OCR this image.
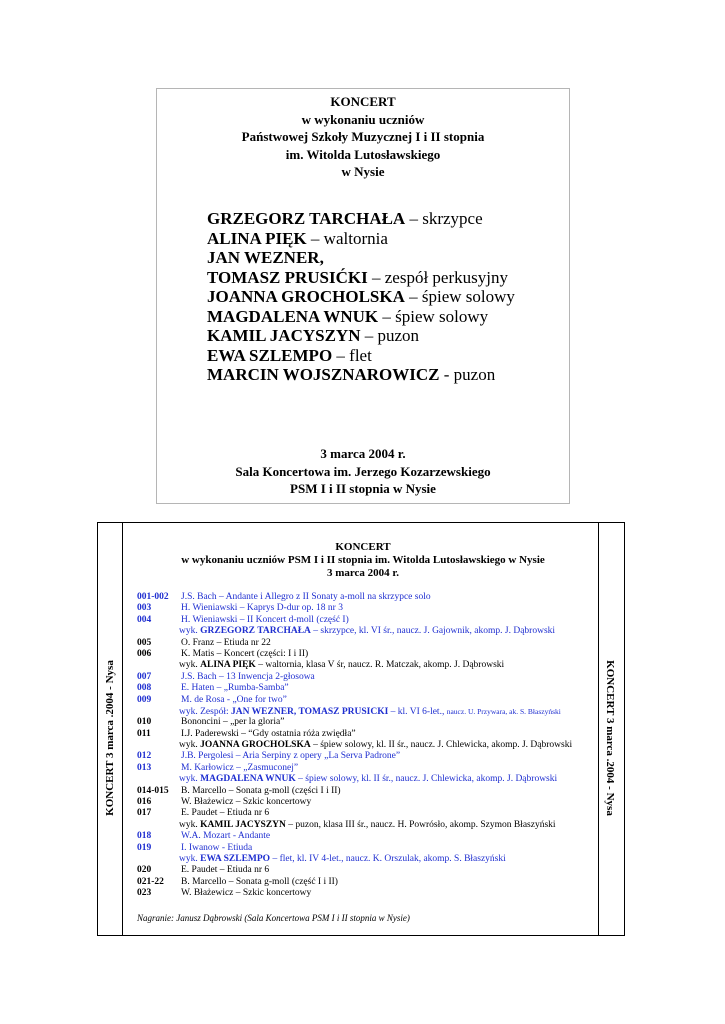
KONCERT
w wykonaniu uczniów
Państwowej Szkoły Muzycznej I i II stopnia
im. Witolda Lutosławskiego
w Nysie
GRZEGORZ TARCHAŁA – skrzypce
ALINA PIĘK – waltornia
JAN WEZNER,
TOMASZ PRUSIĆKI – zespół perkusyjny
JOANNA GROCHOLSKA – śpiew solowy
MAGDALENA WNUK – śpiew solowy
KAMIL JACYSZYN – puzon
EWA SZLEMPO – flet
MARCIN WOJSZNAROWICZ - puzon
3 marca 2004 r.
Sala Koncertowa im. Jerzego Kozarzewskiego
PSM I i II stopnia w Nysie
KONCERT 3 marca .2004 - Nysa	KONCERT 3 marca .2004 - Nysa
KONCERT
w wykonaniu uczniów PSM I i II stopnia im. Witolda Lutosławskiego w Nysie
3 marca 2004 r.
001-002 J.S. Bach – Andante i Allegro z II Sonaty a-moll na skrzypce solo
003	H. Wieniawski – Kaprys D-dur op. 18 nr 3
004	H. Wieniawski – II Koncert d-moll (część I)
wyk. GRZEGORZ TARCHAŁA – skrzypce, kl. VI śr., naucz. J. Gajownik, akomp. J. Dąbrowski
005	O. Franz – Etiuda nr 22
006	K. Matis – Koncert (części: I i II)
wyk. ALINA PIĘK – waltornia, klasa V śr, naucz. R. Matczak, akomp. J. Dąbrowski
007	J.S. Bach – 13 Inwencja 2-głosowa
008	E. Haten – „Rumba-Samba”
009	M. de Rosa - „One for two”
wyk. Zespół: JAN WEZNER, TOMASZ PRUSICKI – kl. VI 6-let., naucz. U. Przywara, ak. S. Błaszyński
010	Bononcini – „per la gloria”
011	I.J. Paderewski – “Gdy ostatnia róża zwiędła”
wyk. JOANNA GROCHOLSKA – śpiew solowy, kl. II śr., naucz. J. Chlewicka, akomp. J. Dąbrowski
012	J.B. Pergolesi – Aria Serpiny z opery „La Serva Padrone”
013	M. Karłowicz – „Zasmuconej”
wyk. MAGDALENA WNUK – śpiew solowy, kl. II śr., naucz. J. Chlewicka, akomp. J. Dąbrowski
014-015 B. Marcello – Sonata g-moll (części I i II)
016	W. Błażewicz – Szkic koncertowy
017	E. Paudet – Etiuda nr 6
wyk. KAMIL JACYSZYN – puzon, klasa III śr., naucz. H. Powrósło, akomp. Szymon Błaszyński
018	W.A. Mozart - Andante
019	I. Iwanow - Etiuda
wyk. EWA SZLEMPO – flet, kl. IV 4-let., naucz. K. Orszulak, akomp. S. Błaszyński
020	E. Paudet – Etiuda nr 6
021-22 B. Marcello – Sonata g-moll (część I i II)
023	W. Błażewicz – Szkic koncertowy
Nagranie: Janusz Dąbrowski (Sala Koncertowa PSM I i II stopnia w Nysie)
